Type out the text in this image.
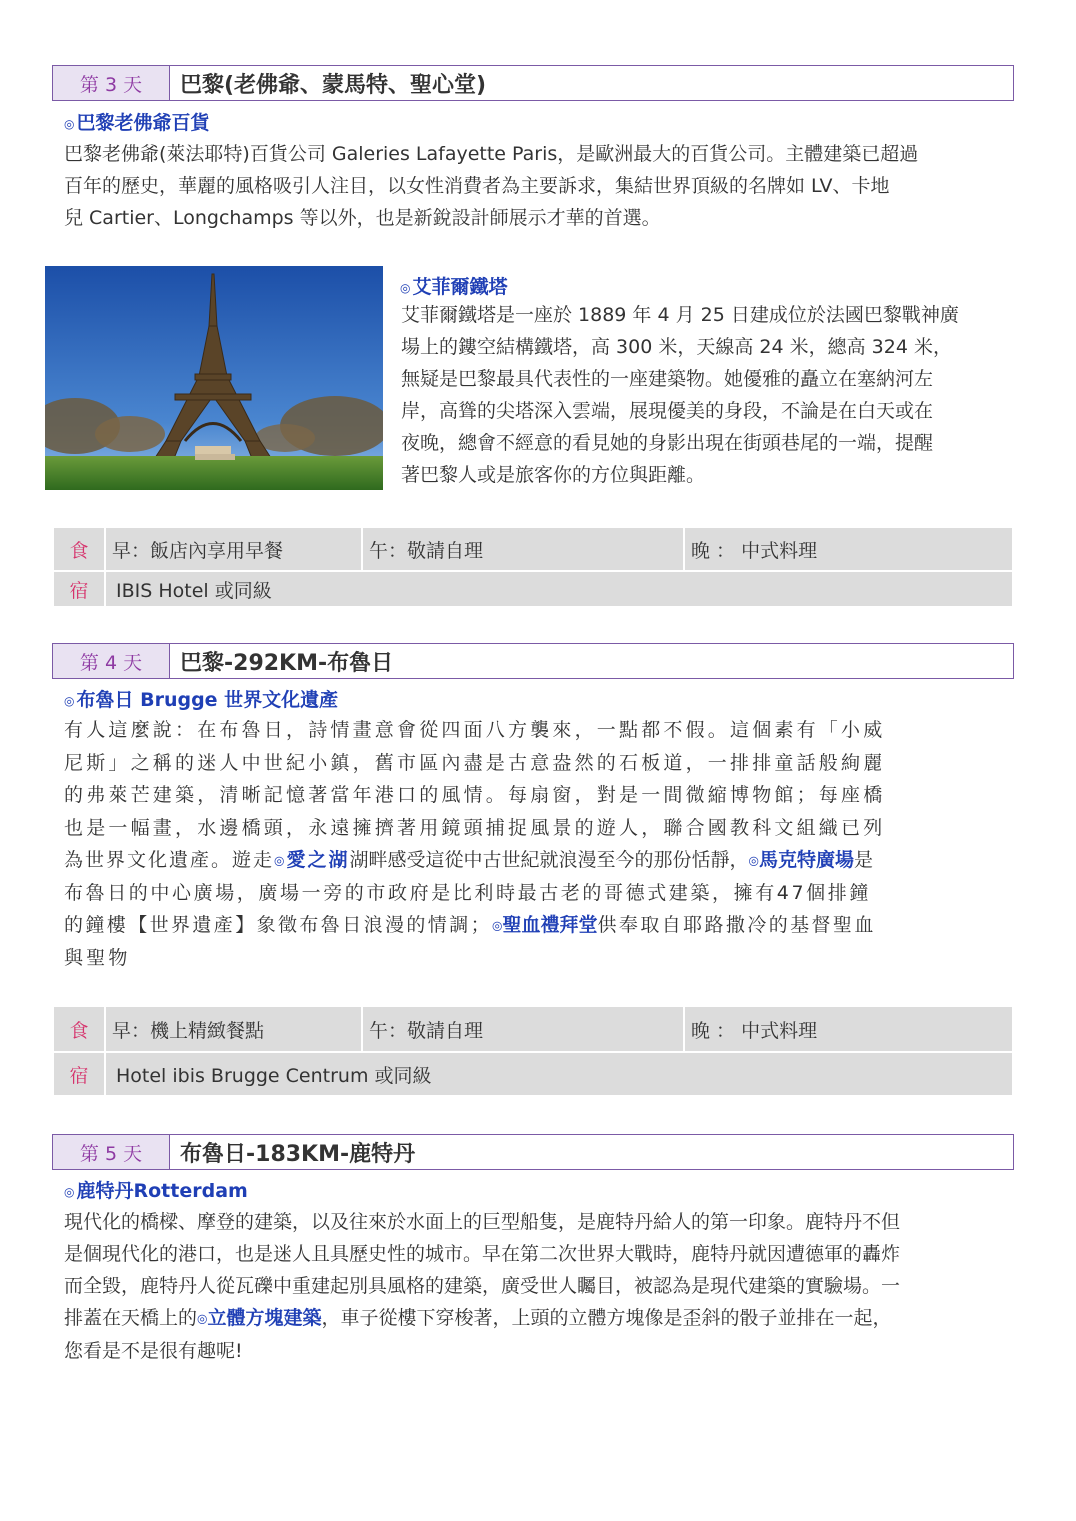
第 3 天	巴黎(老佛爺、蒙馬特、聖心堂)
◎ 巴黎老佛爺百貨
巴黎老佛爺(萊法耶特)百貨公司 Galeries Lafayette Paris，是歐洲最大的百貨公司。主體建築已超過
百年的歷史，華麗的風格吸引人注目，以女性消費者為主要訴求，集結世界頂級的名牌如 LV、卡地
兒 Cartier、Longchamps 等以外，也是新銳設計師展示才華的首選。
◎ 艾菲爾鐵塔
艾菲爾鐵塔是一座於 1889 年 4 月 25 日建成位於法國巴黎戰神廣
場上的鏤空結構鐵塔，高 300 米，天線高 24 米，總高 324 米，
無疑是巴黎最具代表性的一座建築物。她優雅的矗立在塞納河左
岸，高聳的尖塔深入雲端，展現優美的身段，不論是在白天或在
夜晚，總會不經意的看見她的身影出現在街頭巷尾的一端，提醒
著巴黎人或是旅客你的方位與距離。
食	早：飯店內享用早餐	午：敬請自理	晚 ： 中式料理
宿	IBIS Hotel 或同級		
第 4 天	巴黎-292KM-布魯日
◎ 布魯日 Brugge 世界文化遺產
有人這麼說：在布魯日，詩情畫意會從四面八方襲來，一點都不假。這個素有「小威
尼斯」之稱的迷人中世紀小鎮，舊市區內盡是古意盎然的石板道，一排排童話般絢麗
的弗萊芒建築，清晰記憶著當年港口的風情。每扇窗，對是一間微縮博物館；每座橋
也是一幅畫，水邊橋頭，永遠擁擠著用鏡頭捕捉風景的遊人，聯合國教科文組織已列
為世界文化遺產。遊走◎愛之湖湖畔感受這從中古世紀就浪漫至今的那份恬靜，◎馬克特廣場是
布魯日的中心廣場，廣場一旁的市政府是比利時最古老的哥德式建築，擁有47個排鐘
的鐘樓【世界遺產】象徵布魯日浪漫的情調；◎聖血禮拜堂供奉取自耶路撒冷的基督聖血
與聖物
食	早：機上精緻餐點	午：敬請自理	晚 ： 中式料理
宿	Hotel ibis Brugge Centrum 或同級		
第 5 天	布魯日-183KM-鹿特丹
◎ 鹿特丹Rotterdam
現代化的橋樑、摩登的建築，以及往來於水面上的巨型船隻，是鹿特丹給人的第一印象。鹿特丹不但
是個現代化的港口，也是迷人且具歷史性的城市。早在第二次世界大戰時，鹿特丹就因遭德軍的轟炸
而全毀，鹿特丹人從瓦礫中重建起別具風格的建築，廣受世人矚目，被認為是現代建築的實驗場。一
排蓋在天橋上的◎立體方塊建築，車子從樓下穿梭著，上頭的立體方塊像是歪斜的骰子並排在一起，
您看是不是很有趣呢!
